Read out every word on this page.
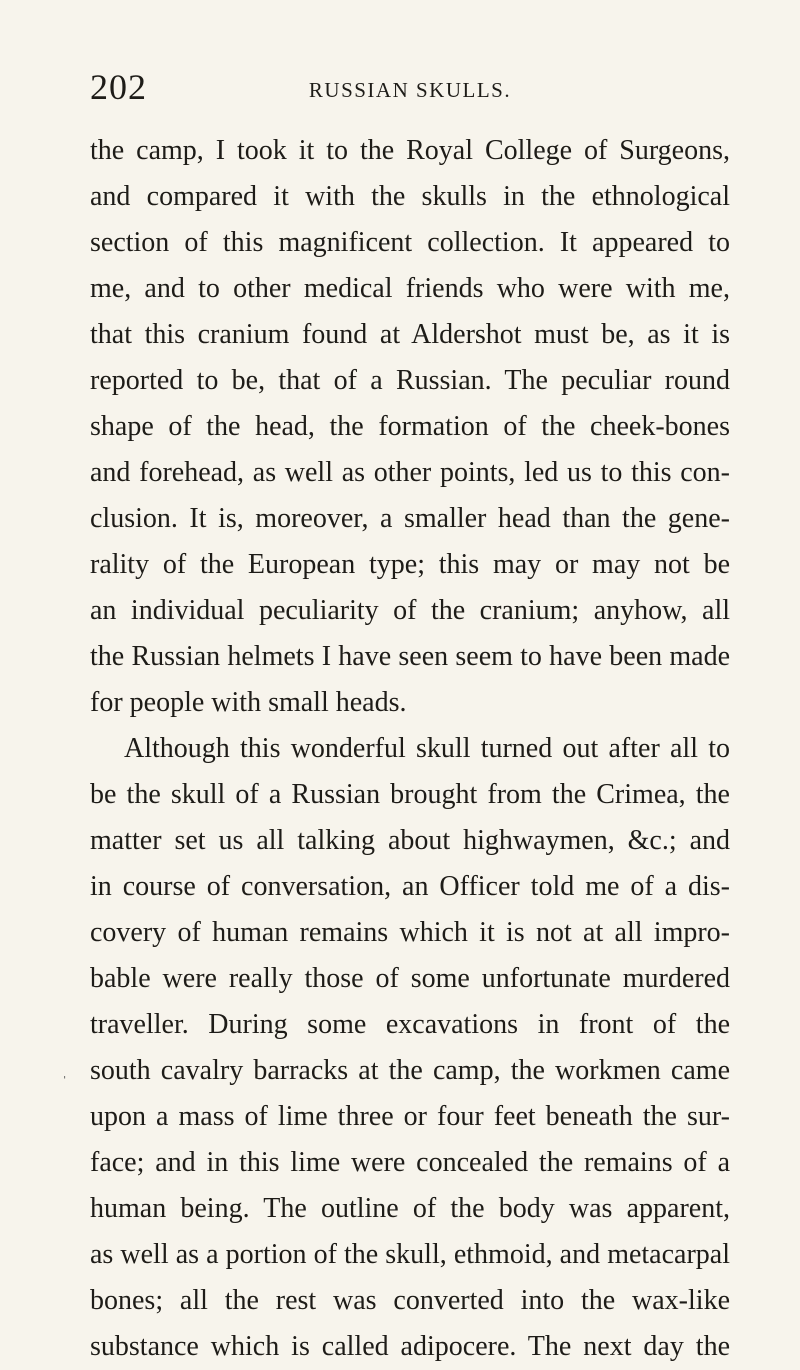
202	RUSSIAN SKULLS.
ˌ
the camp, I took it to the Royal College of Surgeons,
and compared it with the skulls in the ethnological
section of this magnificent collection. It appeared to
me, and to other medical friends who were with me,
that this cranium found at Aldershot must be, as it is
reported to be, that of a Russian. The peculiar round
shape of the head, the formation of the cheek-bones
and forehead, as well as other points, led us to this con-
clusion. It is, moreover, a smaller head than the gene-
rality of the European type; this may or may not be
an individual peculiarity of the cranium; anyhow, all
the Russian helmets I have seen seem to have been made
for people with small heads.
Although this wonderful skull turned out after all to
be the skull of a Russian brought from the Crimea, the
matter set us all talking about highwaymen, &c.; and
in course of conversation, an Officer told me of a dis-
covery of human remains which it is not at all impro-
bable were really those of some unfortunate murdered
traveller. During some excavations in front of the
south cavalry barracks at the camp, the workmen came
upon a mass of lime three or four feet beneath the sur-
face; and in this lime were concealed the remains of a
human being. The outline of the body was apparent,
as well as a portion of the skull, ethmoid, and metacarpal
bones; all the rest was converted into the wax-like
substance which is called adipocere. The next day the
